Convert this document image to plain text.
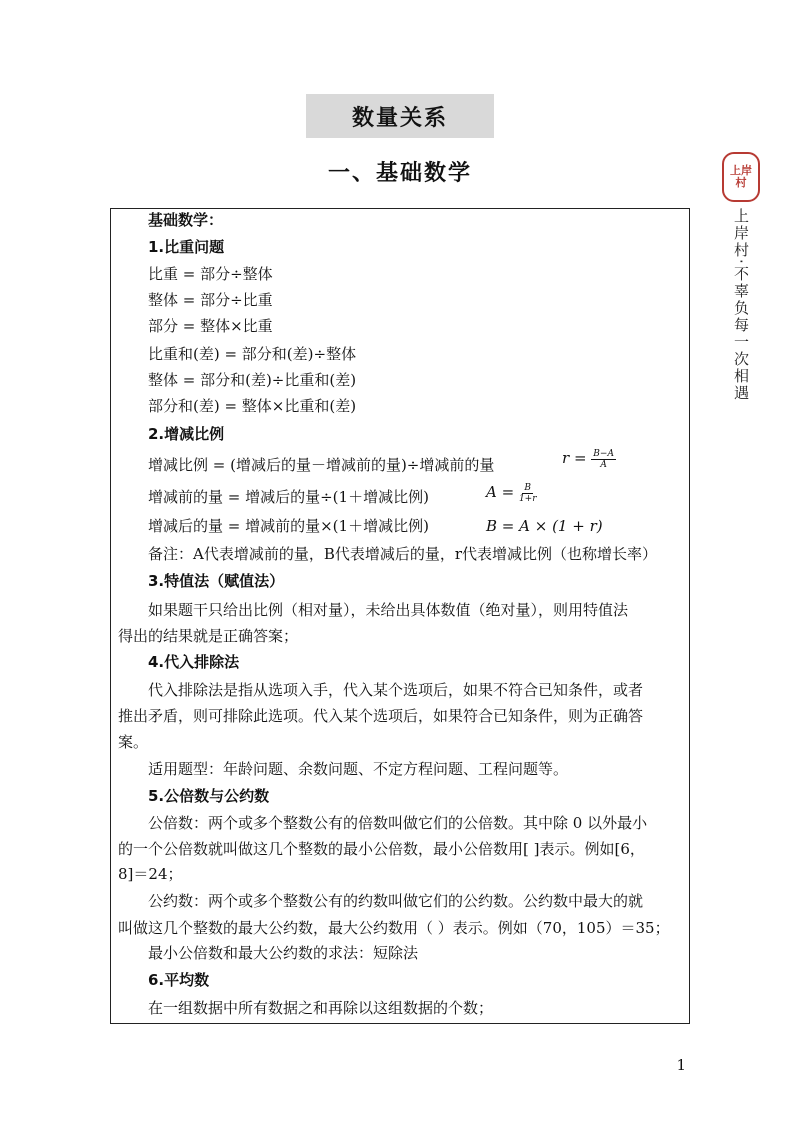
数量关系
一、基础数学	上岸
村
上岸村·不辜负每一次相遇
基础数学：
1.比重问题
比重 = 部分÷整体
整体 = 部分÷比重
部分 = 整体×比重
比重和(差) = 部分和(差)÷整体
整体 = 部分和(差)÷比重和(差)
部分和(差) = 整体×比重和(差)
2.增减比例
增减比例 = (增减后的量－增减前的量)÷增减前的量	$r = \frac{B-A}{A}$
增减前的量 = 增减后的量÷(1＋增减比例)	$A = \frac{B}{1+r}$
增减后的量 = 增减前的量×(1＋增减比例)	B = A × (1 + r)
备注：A代表增减前的量，B代表增减后的量，r代表增减比例（也称增长率）
3.特值法（赋值法）
如果题干只给出比例（相对量），未给出具体数值（绝对量），则用特值法
得出的结果就是正确答案；
4.代入排除法
代入排除法是指从选项入手，代入某个选项后，如果不符合已知条件，或者
推出矛盾，则可排除此选项。代入某个选项后，如果符合已知条件，则为正确答
案。
适用题型：年龄问题、余数问题、不定方程问题、工程问题等。
5.公倍数与公约数
公倍数：两个或多个整数公有的倍数叫做它们的公倍数。其中除 0 以外最小
的一个公倍数就叫做这几个整数的最小公倍数，最小公倍数用[ ]表示。例如[6，
8]＝24；
公约数：两个或多个整数公有的约数叫做它们的公约数。公约数中最大的就
叫做这几个整数的最大公约数，最大公约数用（ ）表示。例如（70，105）＝35；
最小公倍数和最大公约数的求法：短除法
6.平均数
在一组数据中所有数据之和再除以这组数据的个数；
1
